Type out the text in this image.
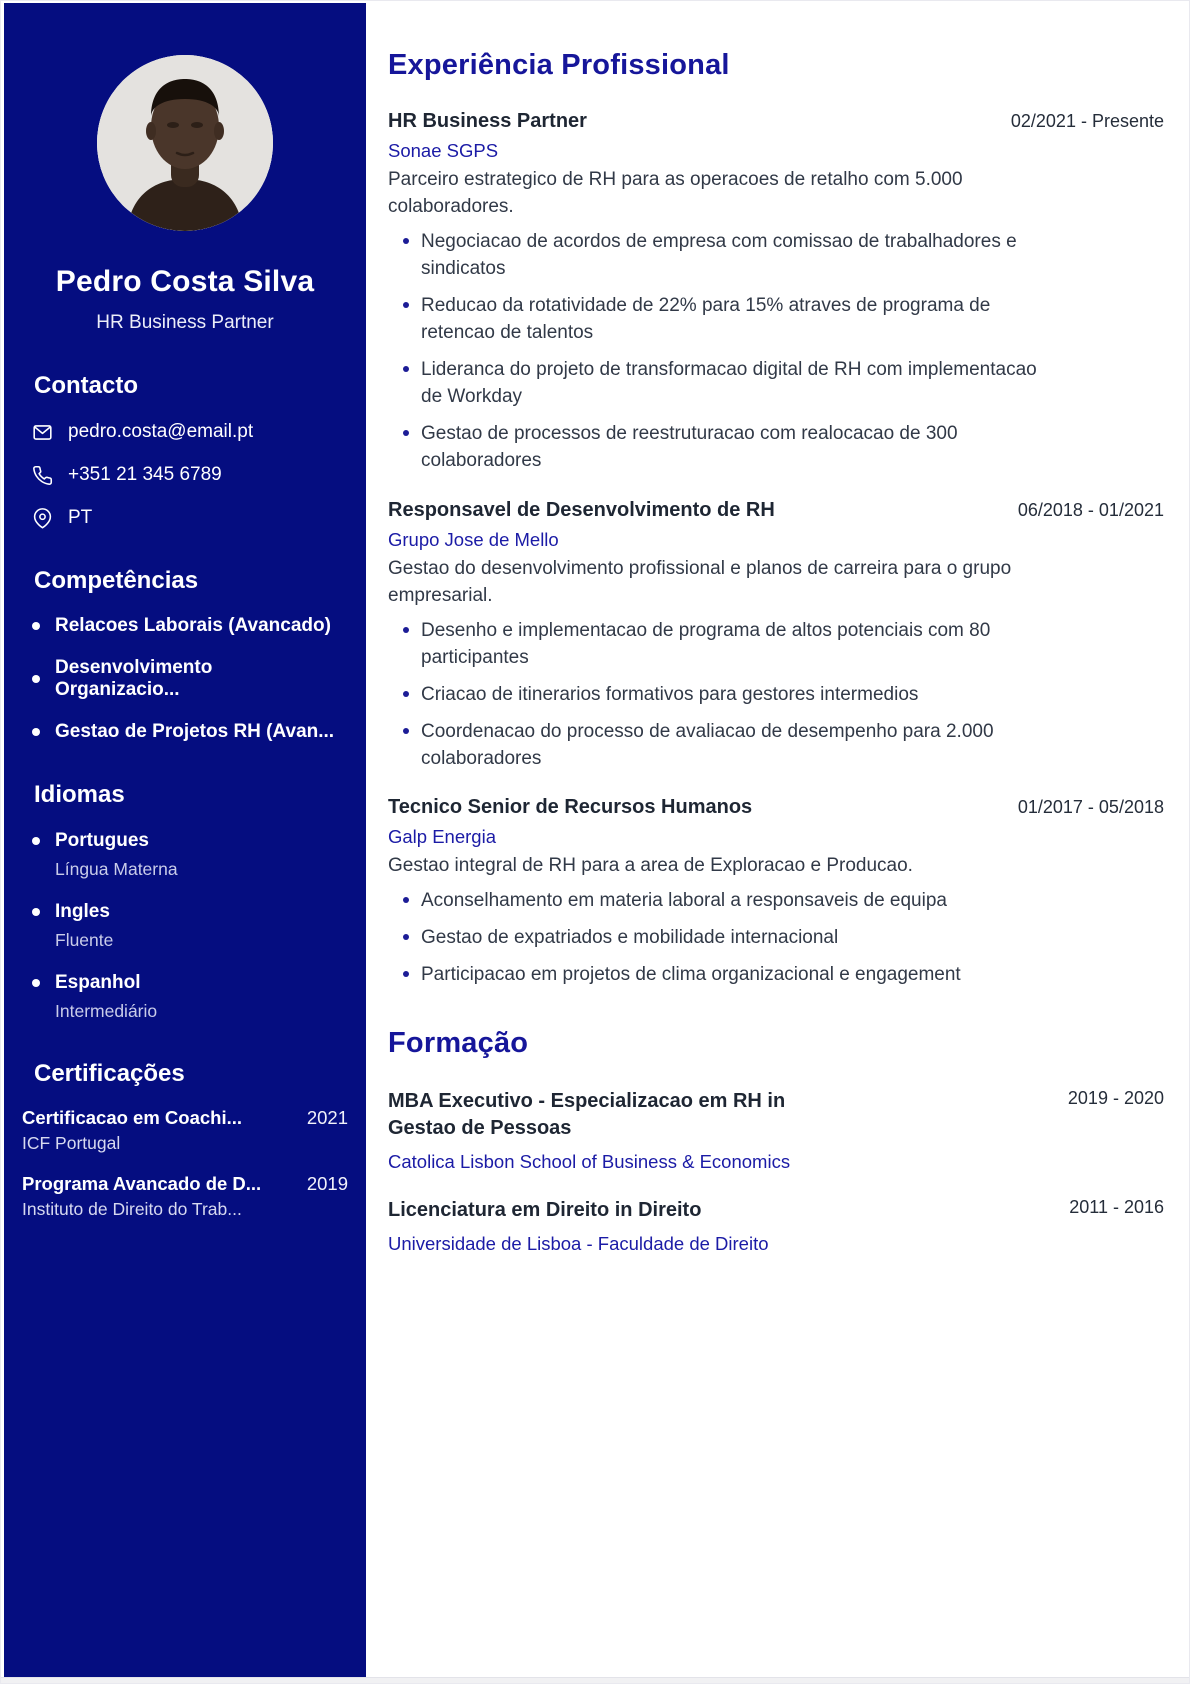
Pedro Costa Silva
HR Business Partner
Contacto
pedro.costa@email.pt
+351 21 345 6789
PT
Competências
Relacoes Laborais (Avancado)
Desenvolvimento Organizacio...
Gestao de Projetos RH (Avan...
Idiomas
Portugues
Língua Materna
Ingles
Fluente
Espanhol
Intermediário
Certificações
Certificacao em Coachi...	2021
ICF Portugal
Programa Avancado de D... 2019
Instituto de Direito do Trab...
Experiência Profissional
HR Business Partner	02/2021 - Presente
Sonae SGPS
Parceiro estrategico de RH para as operacoes de retalho com 5.000 colaboradores.
Negociacao de acordos de empresa com comissao de trabalhadores e sindicatos
Reducao da rotatividade de 22% para 15% atraves de programa de retencao de talentos
Lideranca do projeto de transformacao digital de RH com implementacao de Workday
Gestao de processos de reestruturacao com realocacao de 300 colaboradores
Responsavel de Desenvolvimento de RH	06/2018 - 01/2021
Grupo Jose de Mello
Gestao do desenvolvimento profissional e planos de carreira para o grupo empresarial.
Desenho e implementacao de programa de altos potenciais com 80 participantes
Criacao de itinerarios formativos para gestores intermedios
Coordenacao do processo de avaliacao de desempenho para 2.000 colaboradores
Tecnico Senior de Recursos Humanos	01/2017 - 05/2018
Galp Energia
Gestao integral de RH para a area de Exploracao e Producao.
Aconselhamento em materia laboral a responsaveis de equipa
Gestao de expatriados e mobilidade internacional
Participacao em projetos de clima organizacional e engagement
Formação
MBA Executivo - Especializacao em RH in Gestao de Pessoas
Catolica Lisbon School of Business & Economics
2019 - 2020
Licenciatura em Direito in Direito
Universidade de Lisboa - Faculdade de Direito
2011 - 2016
